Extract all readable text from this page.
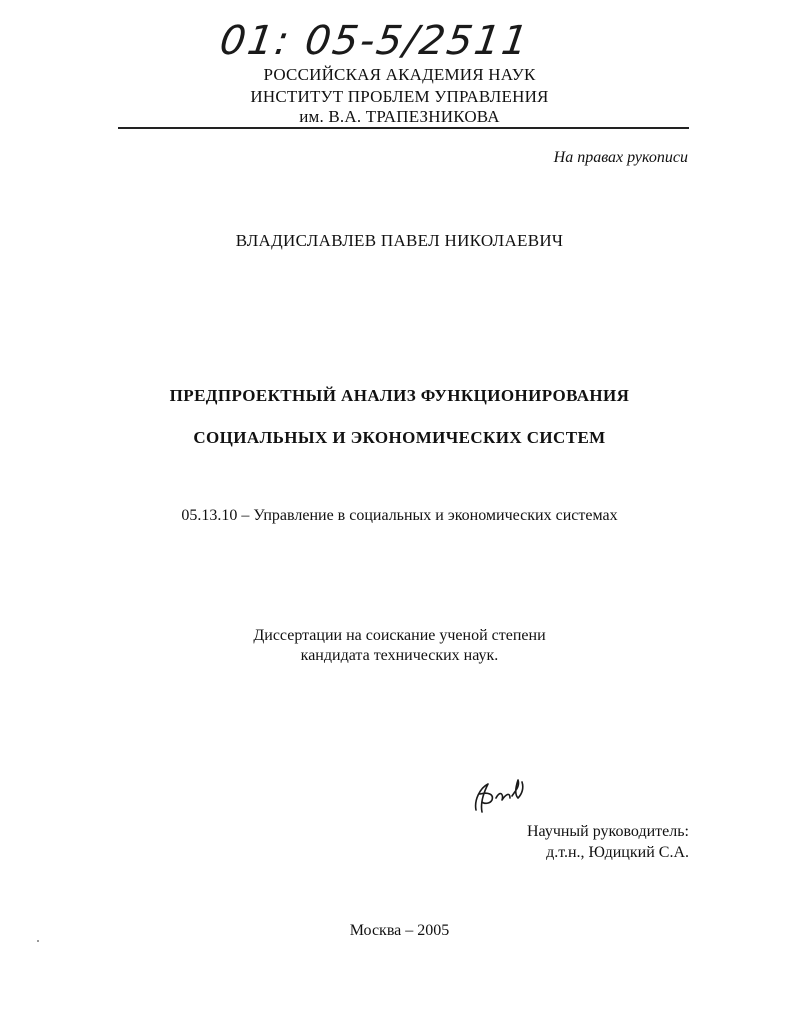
01: 05-5/2511
РОССИЙСКАЯ АКАДЕМИЯ НАУК
ИНСТИТУТ ПРОБЛЕМ УПРАВЛЕНИЯ
им. В.А. ТРАПЕЗНИКОВА
На правах рукописи
ВЛАДИСЛАВЛЕВ ПАВЕЛ НИКОЛАЕВИЧ
ПРЕДПРОЕКТНЫЙ АНАЛИЗ ФУНКЦИОНИРОВАНИЯ
СОЦИАЛЬНЫХ И ЭКОНОМИЧЕСКИХ СИСТЕМ
05.13.10 – Управление в социальных и экономических системах
Диссертации на соискание ученой степени
кандидата технических наук.
Научный руководитель:
д.т.н., Юдицкий С.А.
Москва – 2005
